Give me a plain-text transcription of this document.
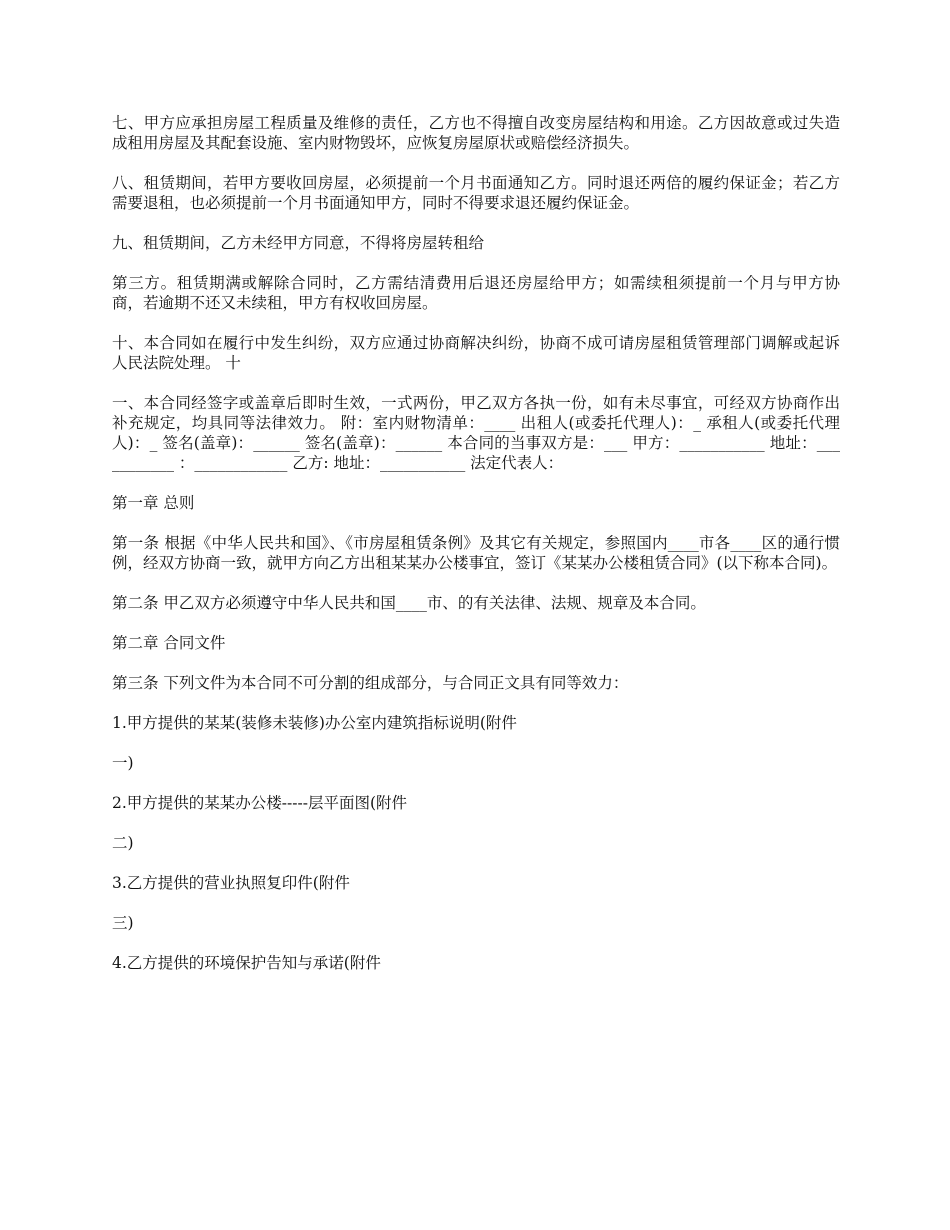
七、甲方应承担房屋工程质量及维修的责任，乙方也不得擅自改变房屋结构和用途。乙方因故意或过失造成租用房屋及其配套设施、室内财物毁坏，应恢复房屋原状或赔偿经济损失。

八、租赁期间，若甲方要收回房屋，必须提前一个月书面通知乙方。同时退还两倍的履约保证金；若乙方需要退租，也必须提前一个月书面通知甲方，同时不得要求退还履约保证金。

九、租赁期间，乙方未经甲方同意，不得将房屋转租给

第三方。租赁期满或解除合同时，乙方需结清费用后退还房屋给甲方；如需续租须提前一个月与甲方协商，若逾期不还又未续租，甲方有权收回房屋。

十、本合同如在履行中发生纠纷，双方应通过协商解决纠纷，协商不成可请房屋租赁管理部门调解或起诉人民法院处理。 十

一、本合同经签字或盖章后即时生效，一式两份，甲乙双方各执一份，如有未尽事宜，可经双方协商作出补充规定，均具同等法律效力。 附：室内财物清单：____ 出租人(或委托代理人)：_ 承租人(或委托代理人)：_ 签名(盖章)：______ 签名(盖章)：______ 本合同的当事双方是：___ 甲方：___________ 地址：___________ ：____________ 乙方: 地址：___________ 法定代表人：

第一章 总则

第一条 根据《中华人民共和国》、《市房屋租赁条例》及其它有关规定，参照国内____市各____区的通行惯例，经双方协商一致，就甲方向乙方出租某某办公楼事宜，签订《某某办公楼租赁合同》(以下称本合同)。

第二条 甲乙双方必须遵守中华人民共和国____市、的有关法律、法规、规章及本合同。

第二章 合同文件

第三条 下列文件为本合同不可分割的组成部分，与合同正文具有同等效力：

1.甲方提供的某某(装修未装修)办公室内建筑指标说明(附件

一)

2.甲方提供的某某办公楼-----层平面图(附件

二)

3.乙方提供的营业执照复印件(附件

三)

4.乙方提供的环境保护告知与承诺(附件
